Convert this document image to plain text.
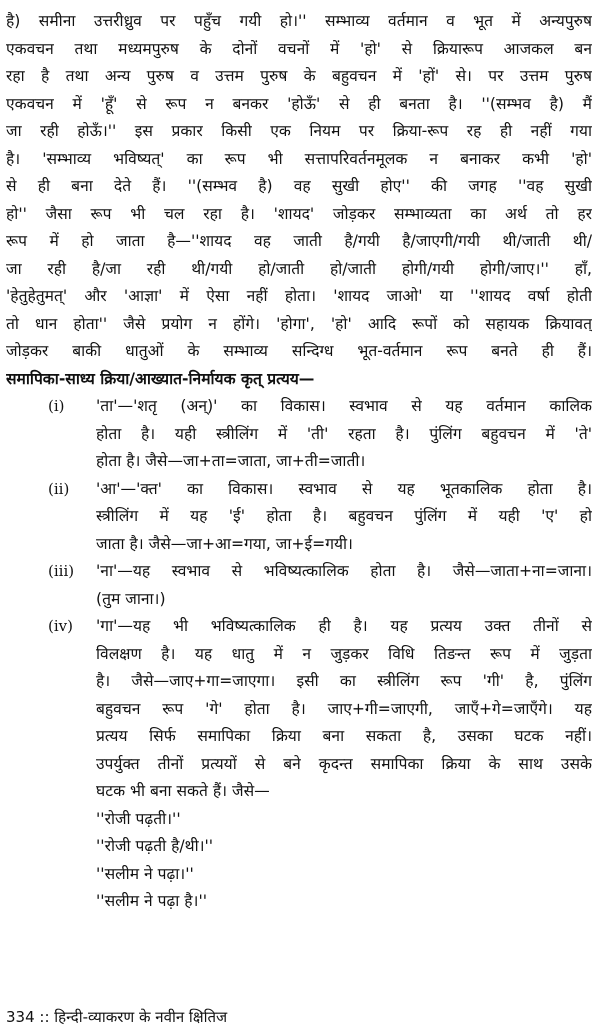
है) समीना उत्तरीध्रुव पर पहुँच गयी हो।'' सम्भाव्य वर्तमान व भूत में अन्यपुरुष
एकवचन तथा मध्यमपुरुष के दोनों वचनों में 'हो' से क्रियारूप आजकल बन
रहा है तथा अन्य पुरुष व उत्तम पुरुष के बहुवचन में 'हों' से। पर उत्तम पुरुष
एकवचन में 'हूँ' से रूप न बनकर 'होऊँ' से ही बनता है। ''(सम्भव है) मैं
जा रही होऊँ।'' इस प्रकार किसी एक नियम पर क्रिया-रूप रह ही नहीं गया
है। 'सम्भाव्य भविष्यत्' का रूप भी सत्तापरिवर्तनमूलक न बनाकर कभी 'हो'
से ही बना देते हैं। ''(सम्भव है) वह सुखी होए'' की जगह ''वह सुखी
हो'' जैसा रूप भी चल रहा है। 'शायद' जोड़कर सम्भाव्यता का अर्थ तो हर
रूप में हो जाता है—''शायद वह जाती है/गयी है/जाएगी/गयी थी/जाती थी/
जा रही है/जा रही थी/गयी हो/जाती हो/जाती होगी/गयी होगी/जाए।'' हाँ,
'हेतुहेतुमत्' और 'आज्ञा' में ऐसा नहीं होता। 'शायद जाओ' या ''शायद वर्षा होती
तो धान होता'' जैसे प्रयोग न होंगे। 'होगा', 'हो' आदि रूपों को सहायक क्रियावत्
जोड़कर बाकी धातुओं के सम्भाव्य सन्दिग्ध भूत-वर्तमान रूप बनते ही हैं।
समापिका-साध्य क्रिया/आख्यात-निर्मायक कृत् प्रत्यय—
(i) 'ता'—'शतृ (अन्)' का विकास। स्वभाव से यह वर्तमान कालिक
होता है। यही स्त्रीलिंग में 'ती' रहता है। पुंलिंग बहुवचन में 'ते'
होता है। जैसे—जा+ता=जाता, जा+ती=जाती।
(ii) 'आ'—'क्त' का विकास। स्वभाव से यह भूतकालिक होता है।
स्त्रीलिंग में यह 'ई' होता है। बहुवचन पुंलिंग में यही 'ए' हो
जाता है। जैसे—जा+आ=गया, जा+ई=गयी।
(iii) 'ना'—यह स्वभाव से भविष्यत्कालिक होता है। जैसे—जाता+ना=जाना।
(तुम जाना।)
(iv) 'गा'—यह भी भविष्यत्कालिक ही है। यह प्रत्यय उक्त तीनों से
विलक्षण है। यह धातु में न जुड़कर विधि तिङन्त रूप में जुड़ता
है। जैसे—जाए+गा=जाएगा। इसी का स्त्रीलिंग रूप 'गी' है, पुंलिंग
बहुवचन रूप 'गे' होता है। जाए+गी=जाएगी, जाएँ+गे=जाएँगे। यह
प्रत्यय सिर्फ समापिका क्रिया बना सकता है, उसका घटक नहीं।
उपर्युक्त तीनों प्रत्ययों से बने कृदन्त समापिका क्रिया के साथ उसके
घटक भी बना सकते हैं। जैसे—
''रोजी पढ़ती।''
''रोजी पढ़ती है/थी।''
''सलीम ने पढ़ा।''
''सलीम ने पढ़ा है।''
334 :: हिन्दी-व्याकरण के नवीन क्षितिज
